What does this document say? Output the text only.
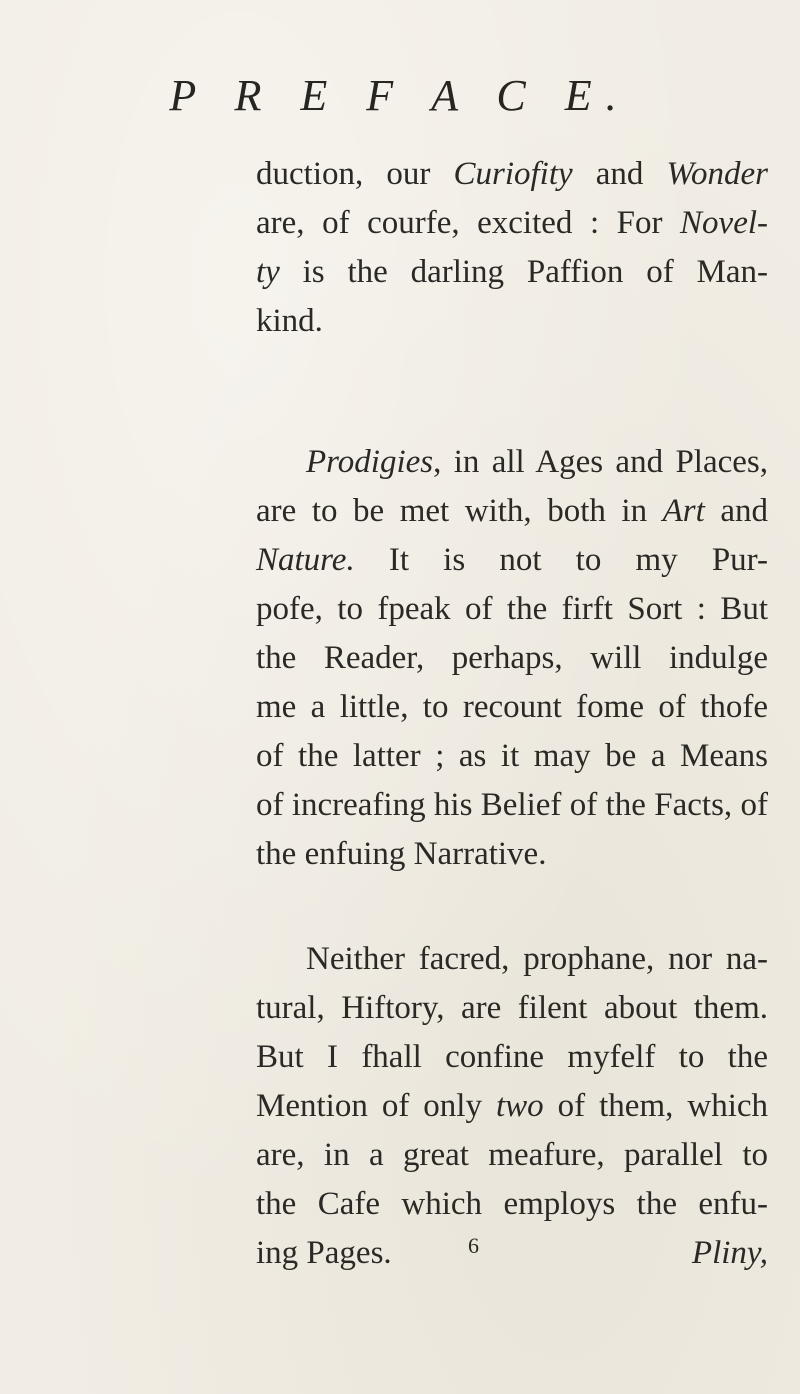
P R E F A C E.
duction, our Curiofity and Wonder
are, of courfe, excited : For Novel-
ty is the darling Paffion of Man-
kind.
Prodigies, in all Ages and Places,
are to be met with, both in Art and
Nature. It is not to my Pur-
pofe, to fpeak of the firft Sort : But
the Reader, perhaps, will indulge
me a little, to recount fome of thofe
of the latter ; as it may be a Means
of increafing his Belief of the Facts, of
the enfuing Narrative.
Neither facred, prophane, nor na-
tural, Hiftory, are filent about them.
But I fhall confine myfelf to the
Mention of only two of them, which
are, in a great meafure, parallel to
the Cafe which employs the enfu-
ing Pages.	6	Pliny,
